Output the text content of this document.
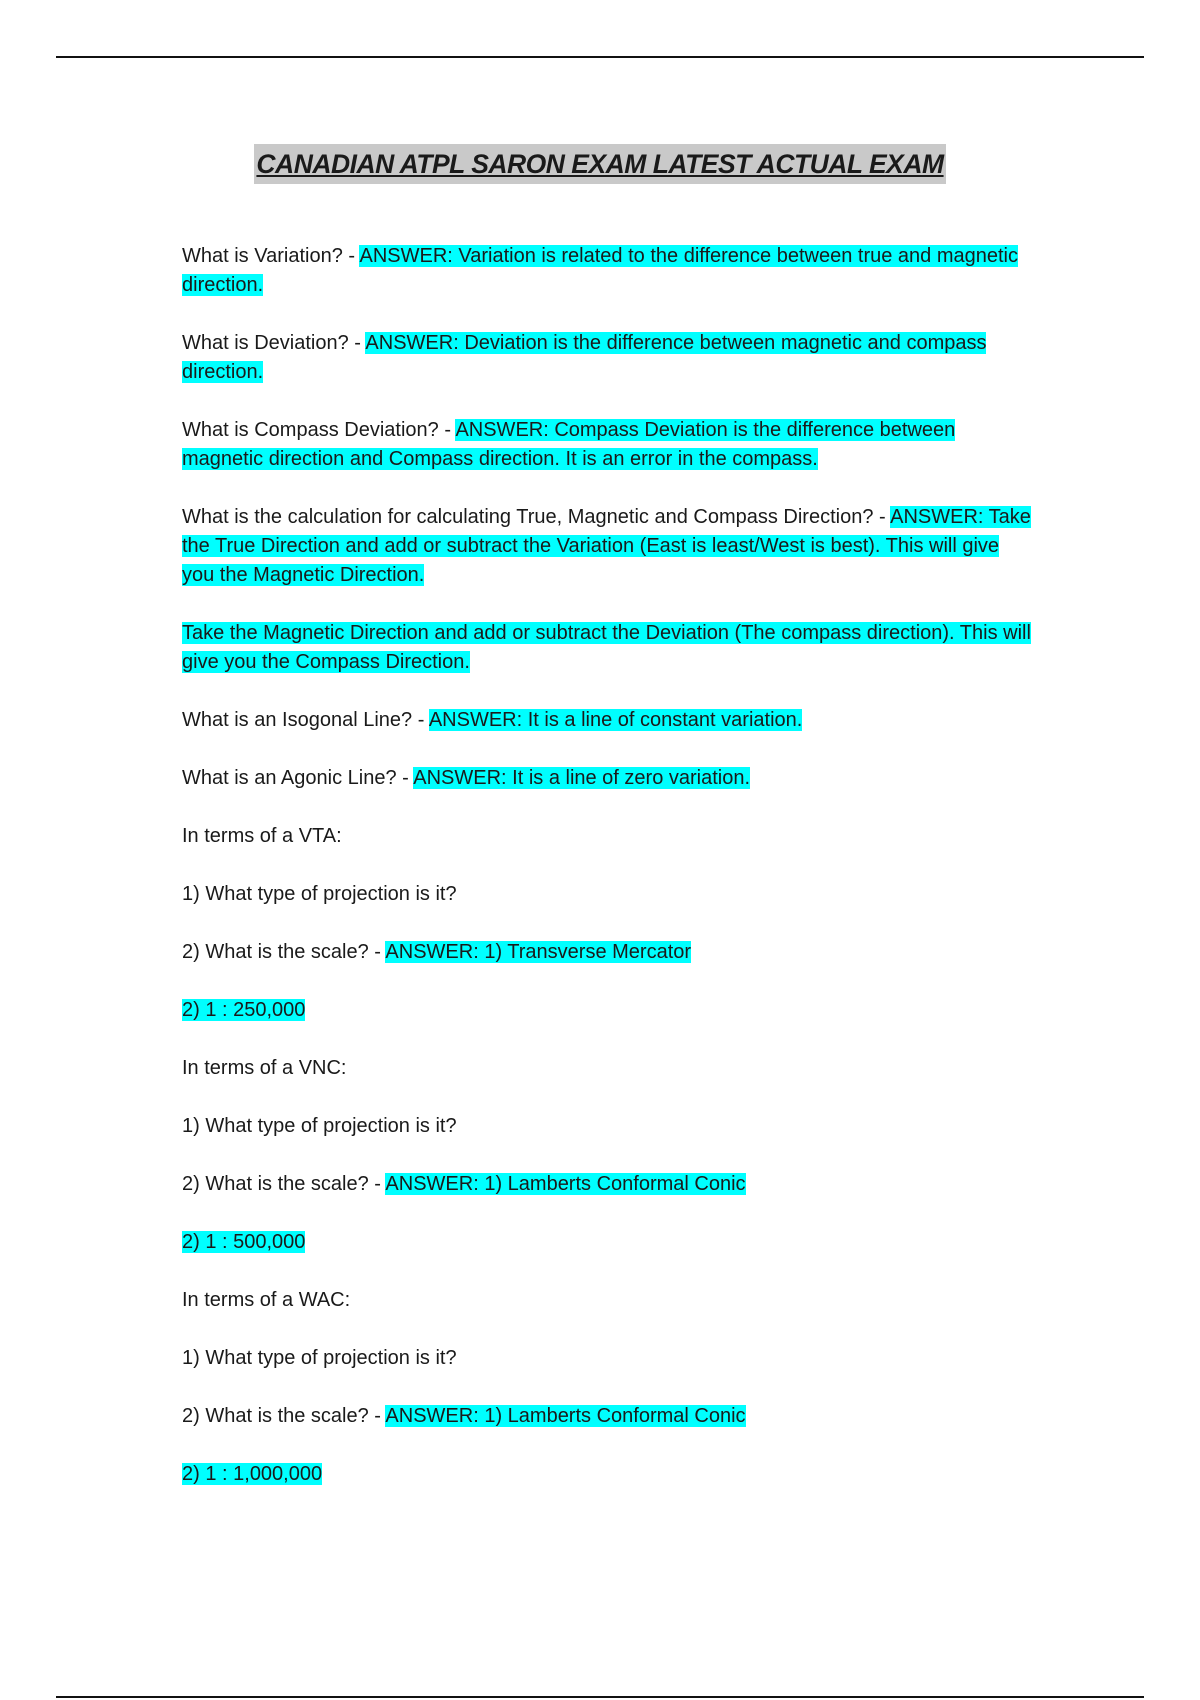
CANADIAN ATPL SARON EXAM LATEST ACTUAL EXAM

What is Variation? - ANSWER: Variation is related to the difference between true and magnetic direction.

What is Deviation? - ANSWER: Deviation is the difference between magnetic and compass direction.

What is Compass Deviation? - ANSWER: Compass Deviation is the difference between magnetic direction and Compass direction. It is an error in the compass.

What is the calculation for calculating True, Magnetic and Compass Direction? - ANSWER: Take the True Direction and add or subtract the Variation (East is least/West is best). This will give you the Magnetic Direction.

Take the Magnetic Direction and add or subtract the Deviation (The compass direction). This will give you the Compass Direction.

What is an Isogonal Line? - ANSWER: It is a line of constant variation.

What is an Agonic Line? - ANSWER: It is a line of zero variation.

In terms of a VTA:

1) What type of projection is it?

2) What is the scale? - ANSWER: 1) Transverse Mercator

2) 1 : 250,000

In terms of a VNC:

1) What type of projection is it?

2) What is the scale? - ANSWER: 1) Lamberts Conformal Conic

2) 1 : 500,000

In terms of a WAC:

1) What type of projection is it?

2) What is the scale? - ANSWER: 1) Lamberts Conformal Conic

2) 1 : 1,000,000
